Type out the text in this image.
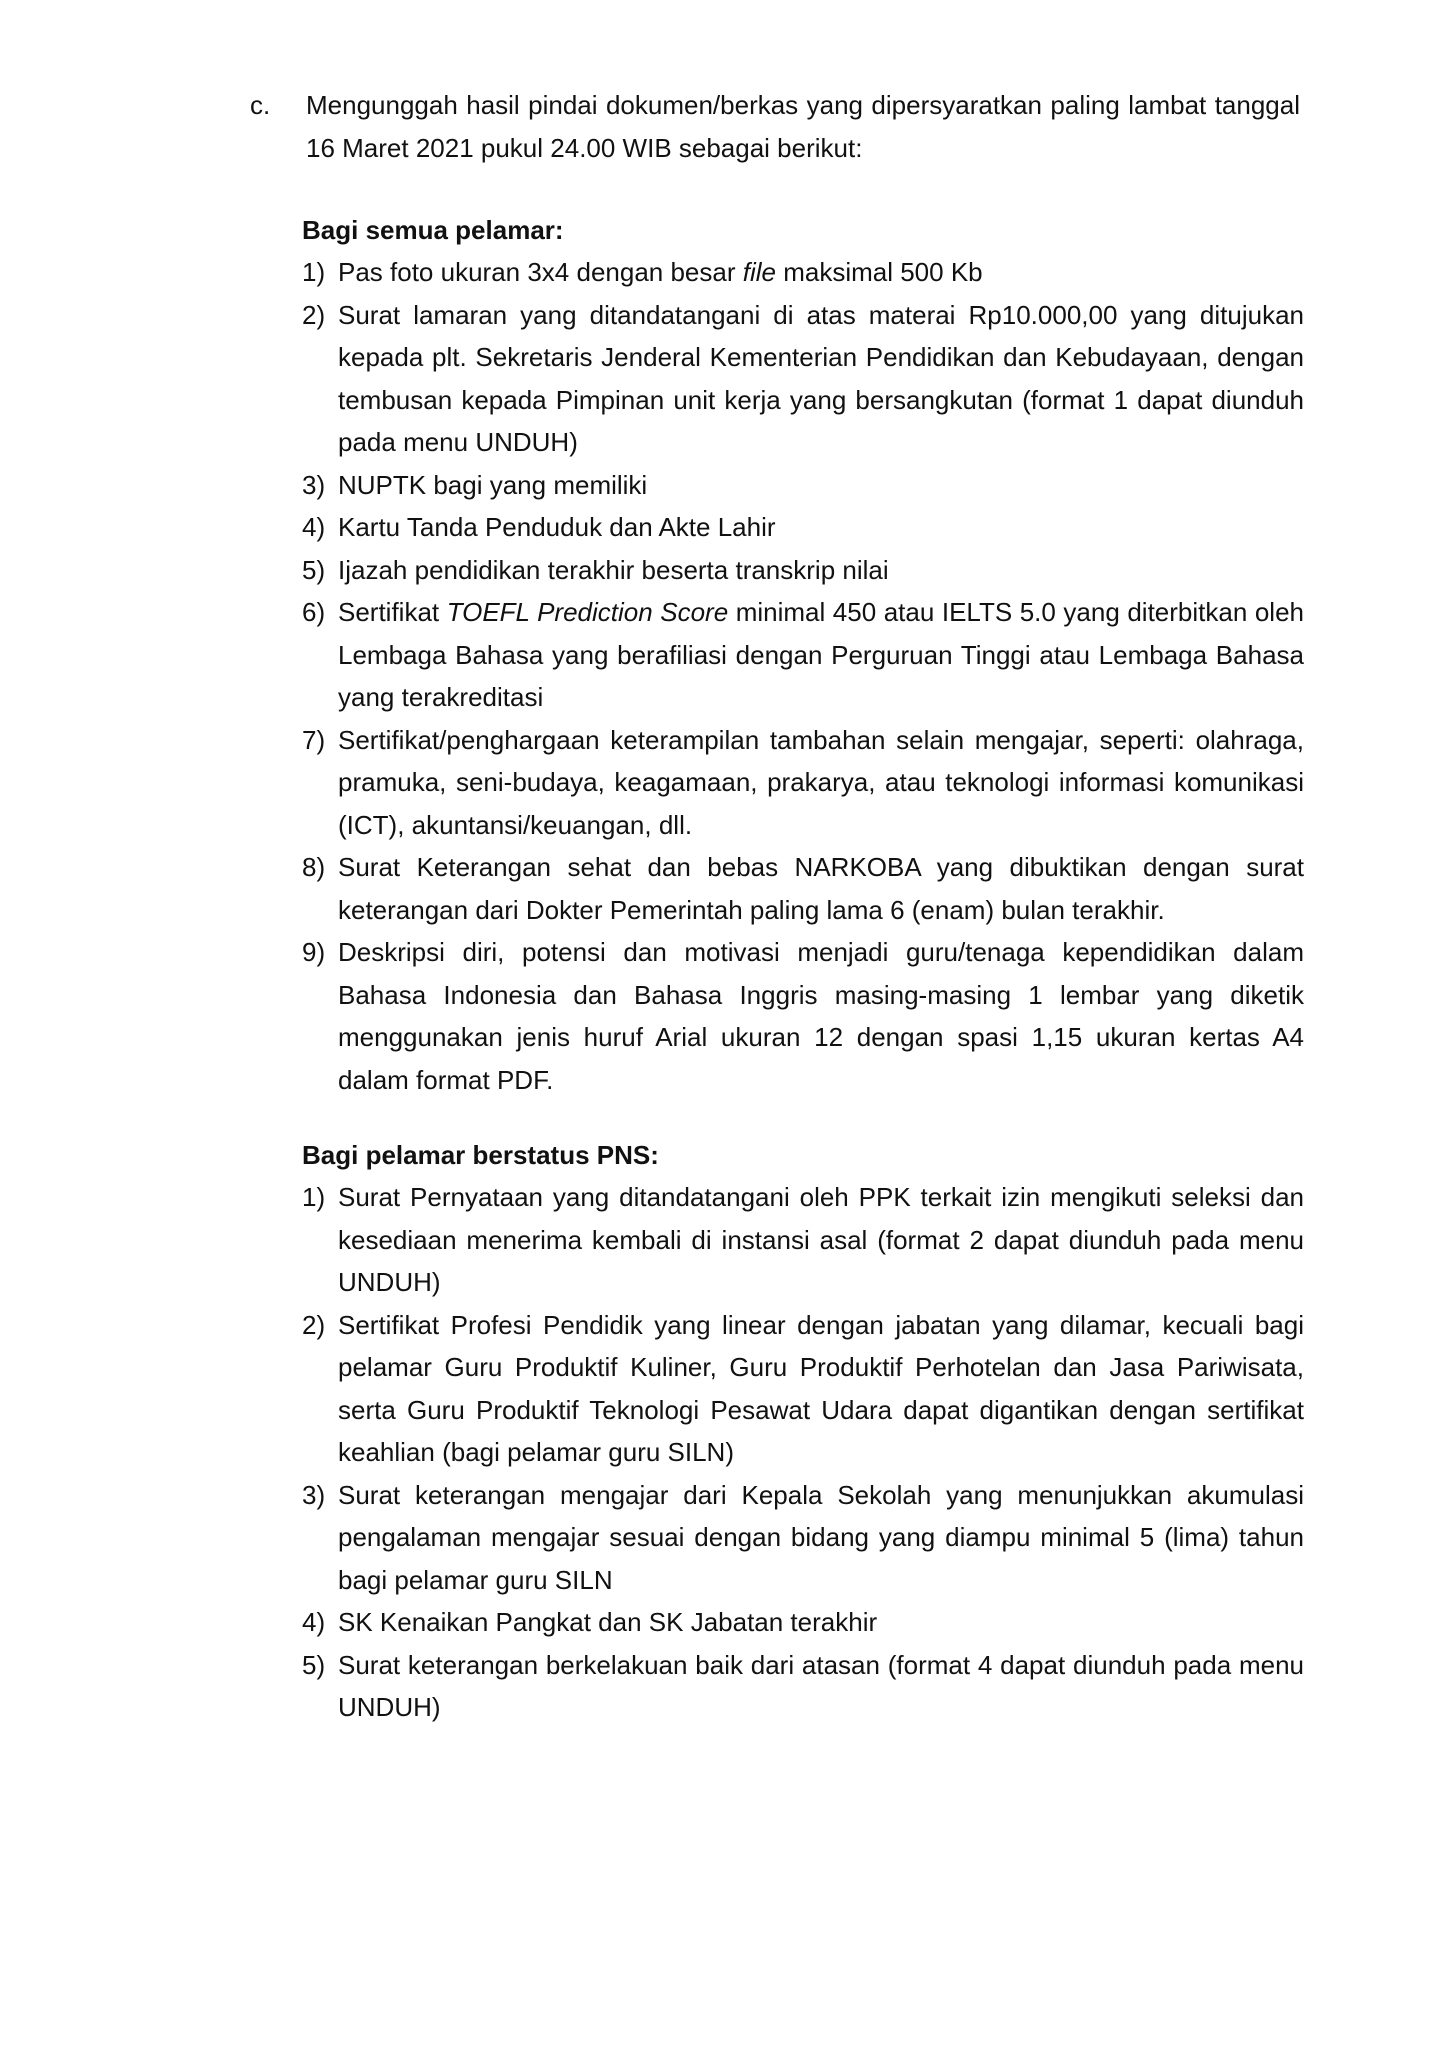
c. Mengunggah hasil pindai dokumen/berkas yang dipersyaratkan paling lambat tanggal 16 Maret 2021 pukul 24.00 WIB sebagai berikut:

Bagi semua pelamar:

1) Pas foto ukuran 3x4 dengan besar file maksimal 500 Kb
2) Surat lamaran yang ditandatangani di atas materai Rp10.000,00 yang ditujukan kepada plt. Sekretaris Jenderal Kementerian Pendidikan dan Kebudayaan, dengan tembusan kepada Pimpinan unit kerja yang bersangkutan (format 1 dapat diunduh pada menu UNDUH)
3) NUPTK bagi yang memiliki
4) Kartu Tanda Penduduk dan Akte Lahir
5) Ijazah pendidikan terakhir beserta transkrip nilai
6) Sertifikat TOEFL Prediction Score minimal 450 atau IELTS 5.0 yang diterbitkan oleh Lembaga Bahasa yang berafiliasi dengan Perguruan Tinggi atau Lembaga Bahasa yang terakreditasi
7) Sertifikat/penghargaan keterampilan tambahan selain mengajar, seperti: olahraga, pramuka, seni-budaya, keagamaan, prakarya, atau teknologi informasi komunikasi (ICT), akuntansi/keuangan, dll.
8) Surat Keterangan sehat dan bebas NARKOBA yang dibuktikan dengan surat keterangan dari Dokter Pemerintah paling lama 6 (enam) bulan terakhir.
9) Deskripsi diri, potensi dan motivasi menjadi guru/tenaga kependidikan dalam Bahasa Indonesia dan Bahasa Inggris masing-masing 1 lembar yang diketik menggunakan jenis huruf Arial ukuran 12 dengan spasi 1,15 ukuran kertas A4 dalam format PDF.

Bagi pelamar berstatus PNS:

1) Surat Pernyataan yang ditandatangani oleh PPK terkait izin mengikuti seleksi dan kesediaan menerima kembali di instansi asal (format 2 dapat diunduh pada menu UNDUH)
2) Sertifikat Profesi Pendidik yang linear dengan jabatan yang dilamar, kecuali bagi pelamar Guru Produktif Kuliner, Guru Produktif Perhotelan dan Jasa Pariwisata, serta Guru Produktif Teknologi Pesawat Udara dapat digantikan dengan sertifikat keahlian (bagi pelamar guru SILN)
3) Surat keterangan mengajar dari Kepala Sekolah yang menunjukkan akumulasi pengalaman mengajar sesuai dengan bidang yang diampu minimal 5 (lima) tahun bagi pelamar guru SILN
4) SK Kenaikan Pangkat dan SK Jabatan terakhir
5) Surat keterangan berkelakuan baik dari atasan (format 4 dapat diunduh pada menu UNDUH)
